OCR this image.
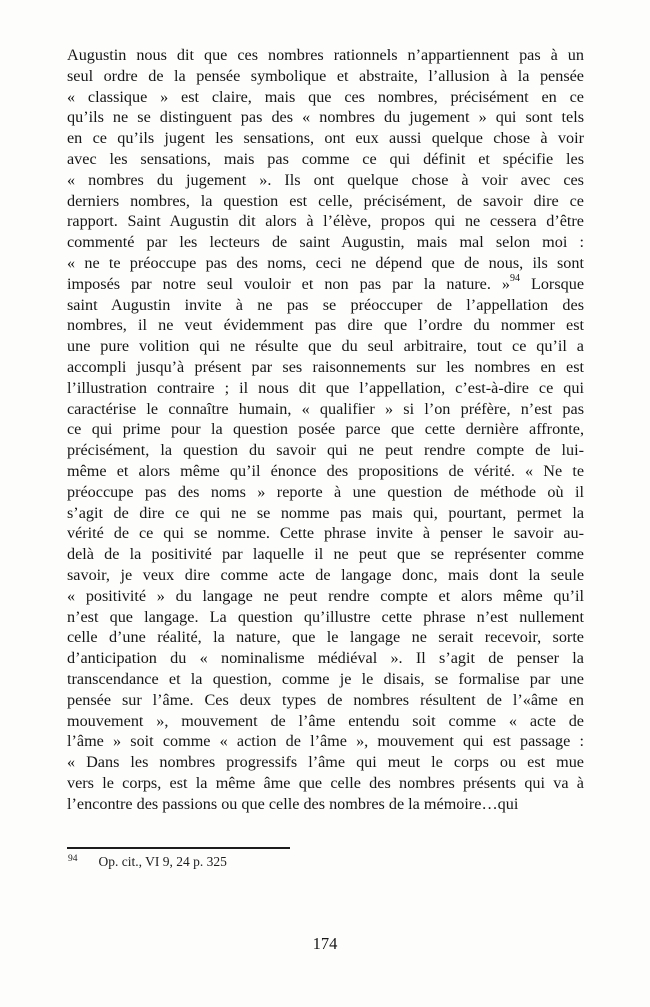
Augustin nous dit que ces nombres rationnels n’appartiennent pas à un
seul ordre de la pensée symbolique et abstraite, l’allusion à la pensée
« classique » est claire, mais que ces nombres, précisément en ce
qu’ils ne se distinguent pas des « nombres du jugement » qui sont tels
en ce qu’ils jugent les sensations, ont eux aussi quelque chose à voir
avec les sensations, mais pas comme ce qui définit et spécifie les
« nombres du jugement ». Ils ont quelque chose à voir avec ces
derniers nombres, la question est celle, précisément, de savoir dire ce
rapport. Saint Augustin dit alors à l’élève, propos qui ne cessera d’être
commenté par les lecteurs de saint Augustin, mais mal selon moi :
« ne te préoccupe pas des noms, ceci ne dépend que de nous, ils sont
imposés par notre seul vouloir et non pas par la nature. »$^{94}$ Lorsque
saint Augustin invite à ne pas se préoccuper de l’appellation des
nombres, il ne veut évidemment pas dire que l’ordre du nommer est
une pure volition qui ne résulte que du seul arbitraire, tout ce qu’il a
accompli jusqu’à présent par ses raisonnements sur les nombres en est
l’illustration contraire ; il nous dit que l’appellation, c’est-à-dire ce qui
caractérise le connaître humain, « qualifier » si l’on préfère, n’est pas
ce qui prime pour la question posée parce que cette dernière affronte,
précisément, la question du savoir qui ne peut rendre compte de lui-
même et alors même qu’il énonce des propositions de vérité. « Ne te
préoccupe pas des noms » reporte à une question de méthode où il
s’agit de dire ce qui ne se nomme pas mais qui, pourtant, permet la
vérité de ce qui se nomme. Cette phrase invite à penser le savoir au-
delà de la positivité par laquelle il ne peut que se représenter comme
savoir, je veux dire comme acte de langage donc, mais dont la seule
« positivité » du langage ne peut rendre compte et alors même qu’il
n’est que langage. La question qu’illustre cette phrase n’est nullement
celle d’une réalité, la nature, que le langage ne serait recevoir, sorte
d’anticipation du « nominalisme médiéval ». Il s’agit de penser la
transcendance et la question, comme je le disais, se formalise par une
pensée sur l’âme. Ces deux types de nombres résultent de l’«âme en
mouvement », mouvement de l’âme entendu soit comme « acte de
l’âme » soit comme « action de l’âme », mouvement qui est passage :
« Dans les nombres progressifs l’âme qui meut le corps ou est mue
vers le corps, est la même âme que celle des nombres présents qui va à
l’encontre des passions ou que celle des nombres de la mémoire…qui
$^{94}$ Op. cit., VI 9, 24 p. 325
174
